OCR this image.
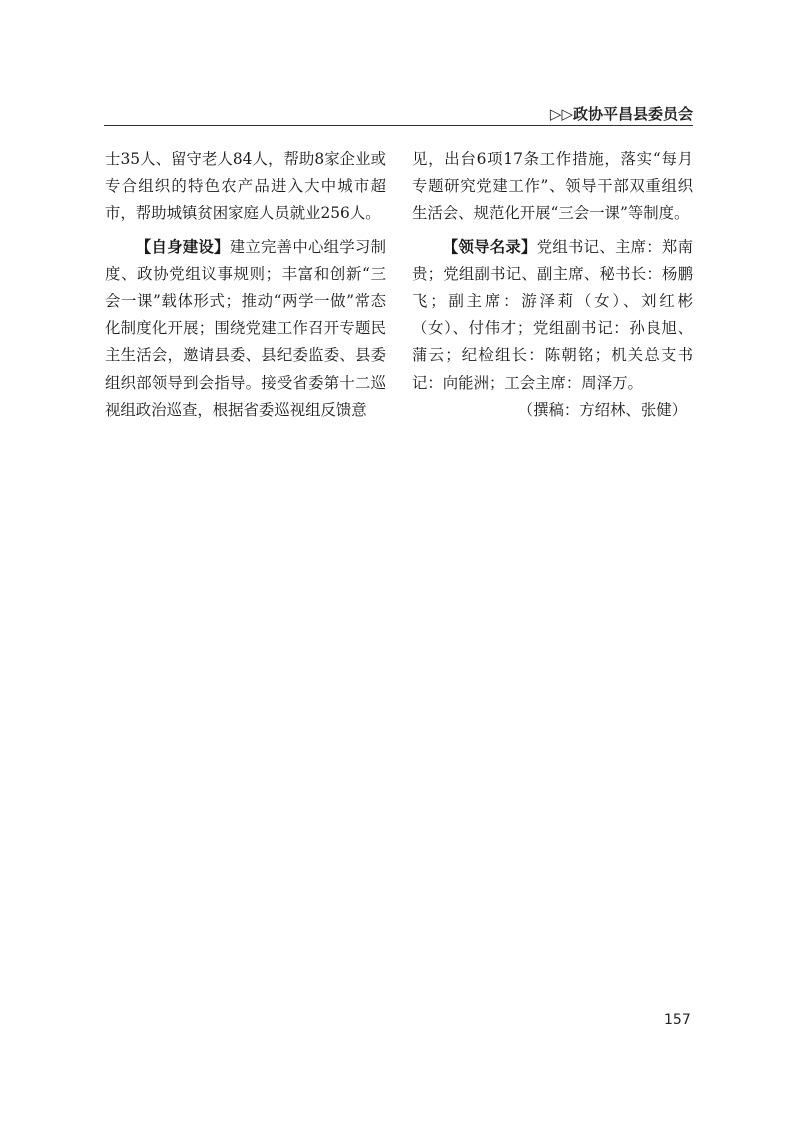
▷▷政协平昌县委员会

士35人、留守老人84人，帮助8家企业或专合组织的特色农产品进入大中城市超市，帮助城镇贫困家庭人员就业256人。

【自身建设】建立完善中心组学习制度、政协党组议事规则；丰富和创新“三会一课”载体形式；推动“两学一做”常态化制度化开展；围绕党建工作召开专题民主生活会，邀请县委、县纪委监委、县委组织部领导到会指导。接受省委第十二巡视组政治巡查，根据省委巡视组反馈意

见，出台6项17条工作措施，落实“每月专题研究党建工作”、领导干部双重组织生活会、规范化开展“三会一课”等制度。

【领导名录】党组书记、主席：郑南贵；党组副书记、副主席、秘书长：杨鹏飞；副主席：游泽莉（女）、刘红彬（女）、付伟才；党组副书记：孙良旭、蒲云；纪检组长：陈朝铭；机关总支书记：向能洲；工会主席：周泽万。

（撰稿：方绍林、张健）

157
